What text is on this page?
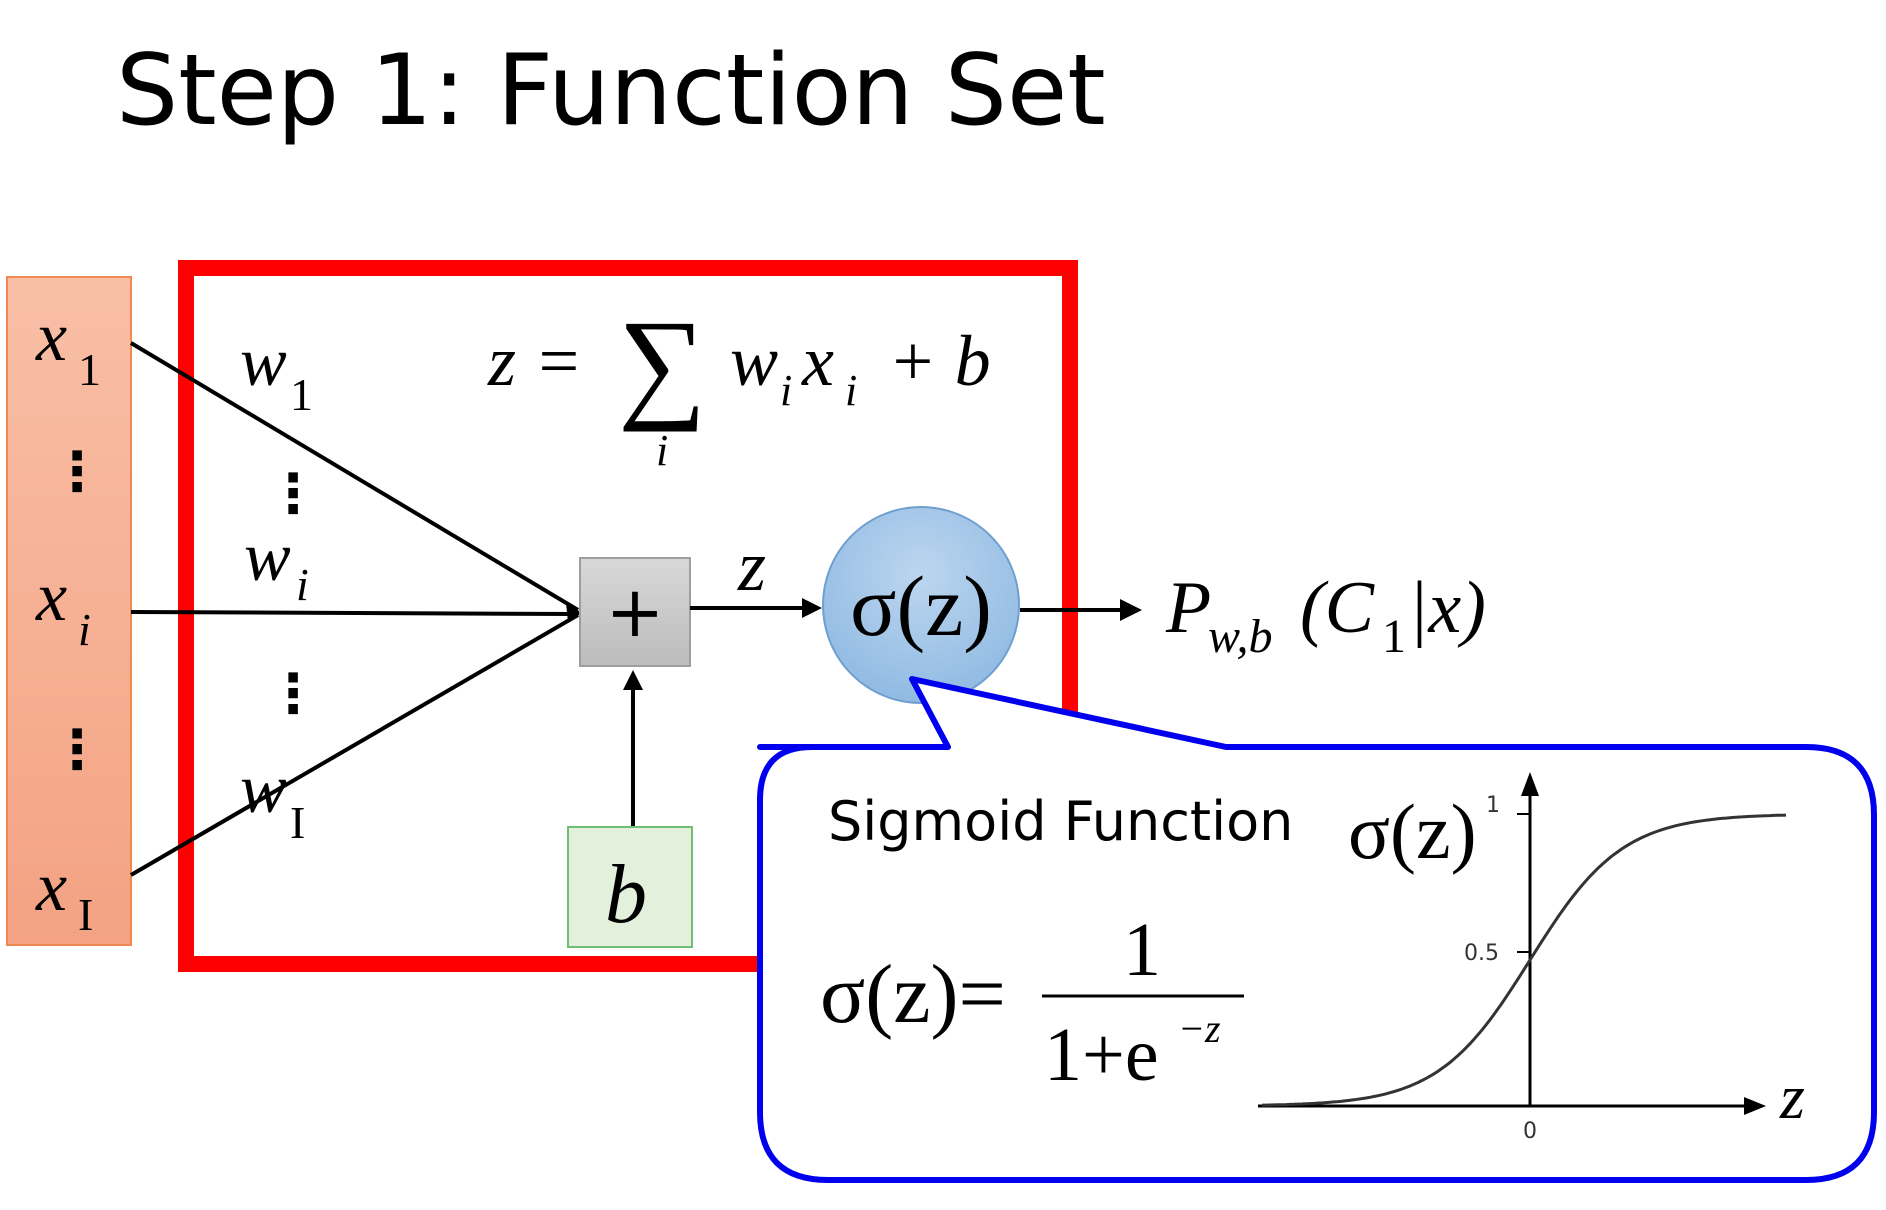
Step 1: Function Set
x 1
x i
x I
⋮
⋮
⋮
⋮
w 1
w i
w I
z = ∑
i
w i x i + b
+
b
z σ(z) P
w,b (C 1 |x)
Sigmoid Function
σ(z)= 1
1+e −z
1
0.5
0
σ(z)
z
